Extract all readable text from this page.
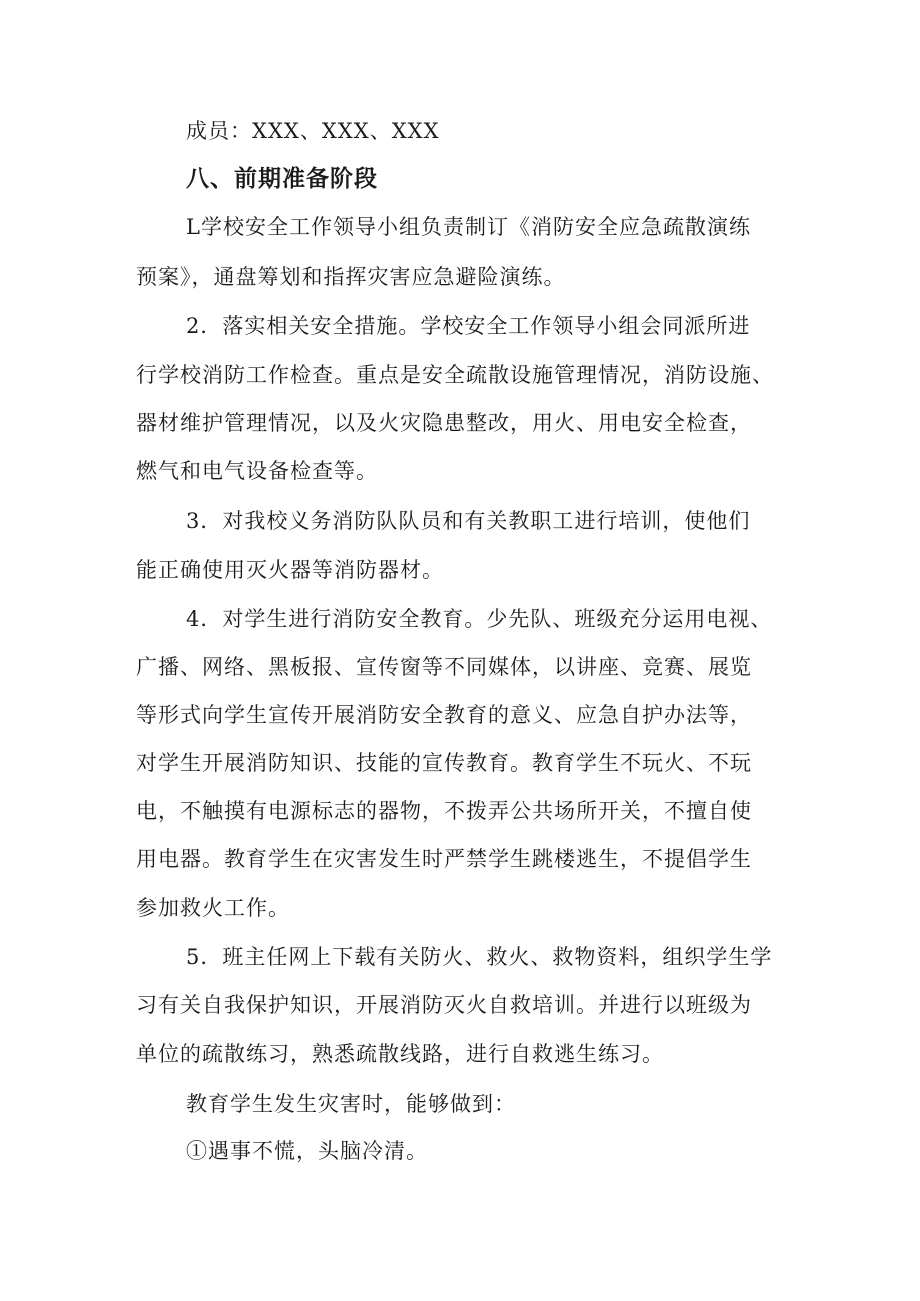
成员：XXX、XXX、XXX
八、前期准备阶段
L学校安全工作领导小组负责制订《消防安全应急疏散演练
预案》，通盘筹划和指挥灾害应急避险演练。
2．落实相关安全措施。学校安全工作领导小组会同派所进
行学校消防工作检查。重点是安全疏散设施管理情况，消防设施、
器材维护管理情况，以及火灾隐患整改，用火、用电安全检查，
燃气和电气设备检查等。
3．对我校义务消防队队员和有关教职工进行培训，使他们
能正确使用灭火器等消防器材。
4．对学生进行消防安全教育。少先队、班级充分运用电视、
广播、网络、黑板报、宣传窗等不同媒体，以讲座、竞赛、展览
等形式向学生宣传开展消防安全教育的意义、应急自护办法等，
对学生开展消防知识、技能的宣传教育。教育学生不玩火、不玩
电，不触摸有电源标志的器物，不拨弄公共场所开关，不擅自使
用电器。教育学生在灾害发生时严禁学生跳楼逃生，不提倡学生
参加救火工作。
5．班主任网上下载有关防火、救火、救物资料，组织学生学
习有关自我保护知识，开展消防灭火自救培训。并进行以班级为
单位的疏散练习，熟悉疏散线路，进行自救逃生练习。
教育学生发生灾害时，能够做到：
①遇事不慌，头脑冷清。
